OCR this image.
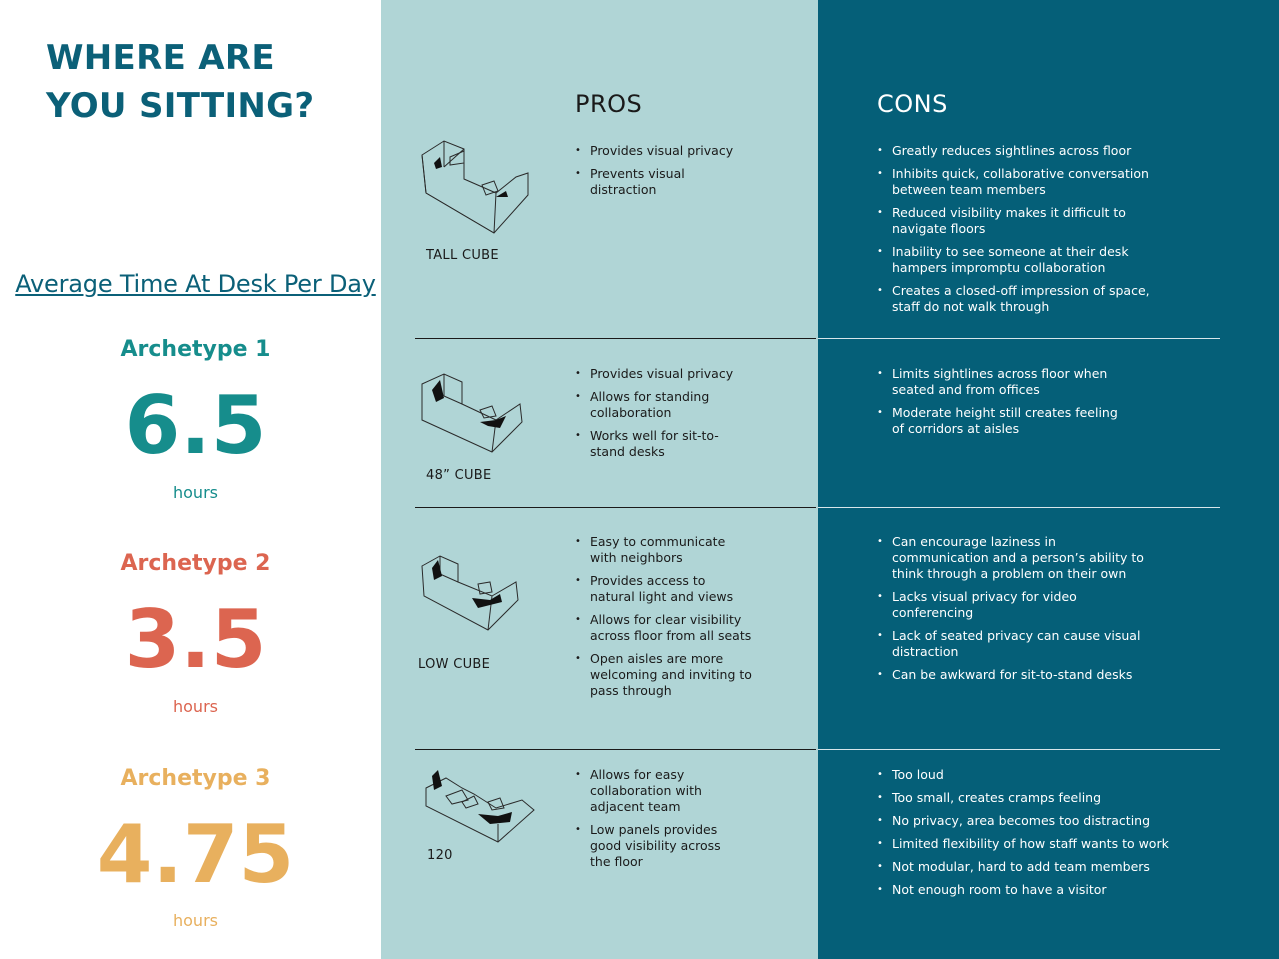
WHERE ARE YOU SITTING?
Average Time At Desk Per Day
Archetype 1
6.5
hours
Archetype 2
3.5
hours
Archetype 3
4.75
hours
PROS	CONS
TALL CUBE
• Provides visual privacy
• Prevents visual distraction
• Greatly reduces sightlines across floor
• Inhibits quick, collaborative conversation between team members
• Reduced visibility makes it difficult to navigate floors
• Inability to see someone at their desk hampers impromptu collaboration
• Creates a closed-off impression of space, staff do not walk through
48” CUBE
• Provides visual privacy
• Allows for standing collaboration
• Works well for sit-to-stand desks
• Limits sightlines across floor when seated and from offices
• Moderate height still creates feeling of corridors at aisles
LOW CUBE
• Easy to communicate with neighbors
• Provides access to natural light and views
• Allows for clear visibility across floor from all seats
• Open aisles are more welcoming and inviting to pass through
• Can encourage laziness in communication and a person’s ability to think through a problem on their own
• Lacks visual privacy for video conferencing
• Lack of seated privacy can cause visual distraction
• Can be awkward for sit-to-stand desks
120
• Allows for easy collaboration with adjacent team
• Low panels provides good visibility across the floor
• Too loud
• Too small, creates cramps feeling
• No privacy, area becomes too distracting
• Limited flexibility of how staff wants to work
• Not modular, hard to add team members
• Not enough room to have a visitor
